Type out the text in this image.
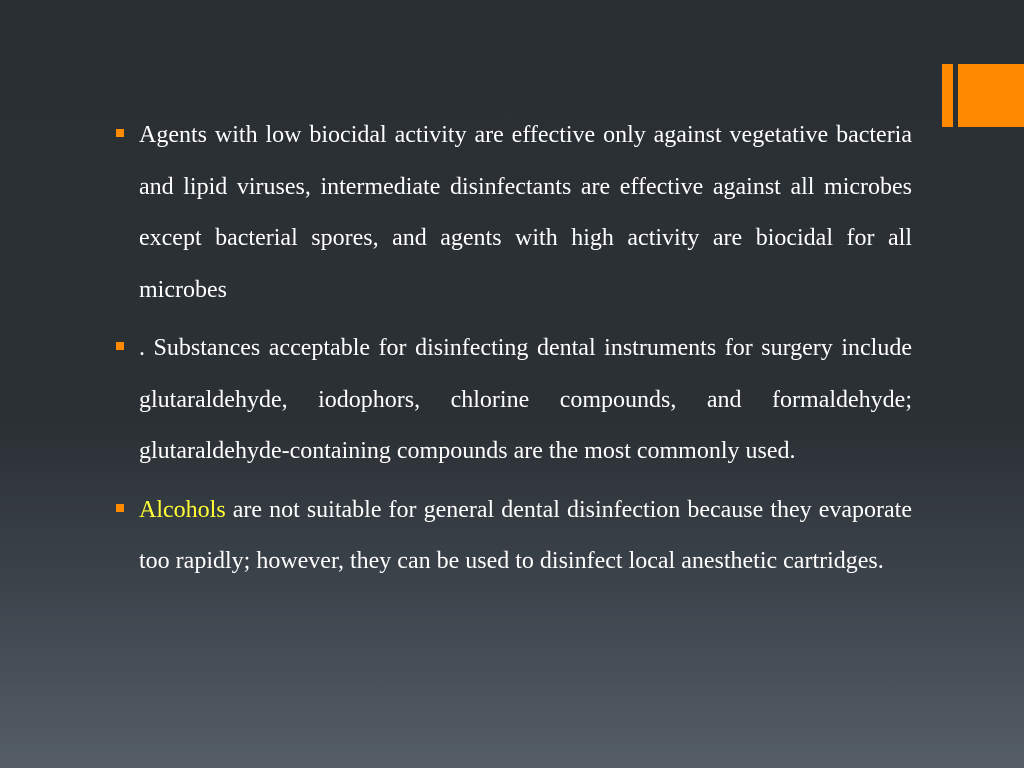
Agents with low biocidal activity are effective only against vegetative bacteria and lipid viruses, intermediate disinfectants are effective against all microbes except bacterial spores, and agents with high activity are biocidal for all microbes

. Substances acceptable for disinfecting dental instruments for surgery include glutaraldehyde, iodophors, chlorine compounds, and formaldehyde; glutaraldehyde-containing compounds are the most commonly used.

Alcohols are not suitable for general dental disinfection because they evaporate too rapidly; however, they can be used to disinfect local anesthetic cartridges.
